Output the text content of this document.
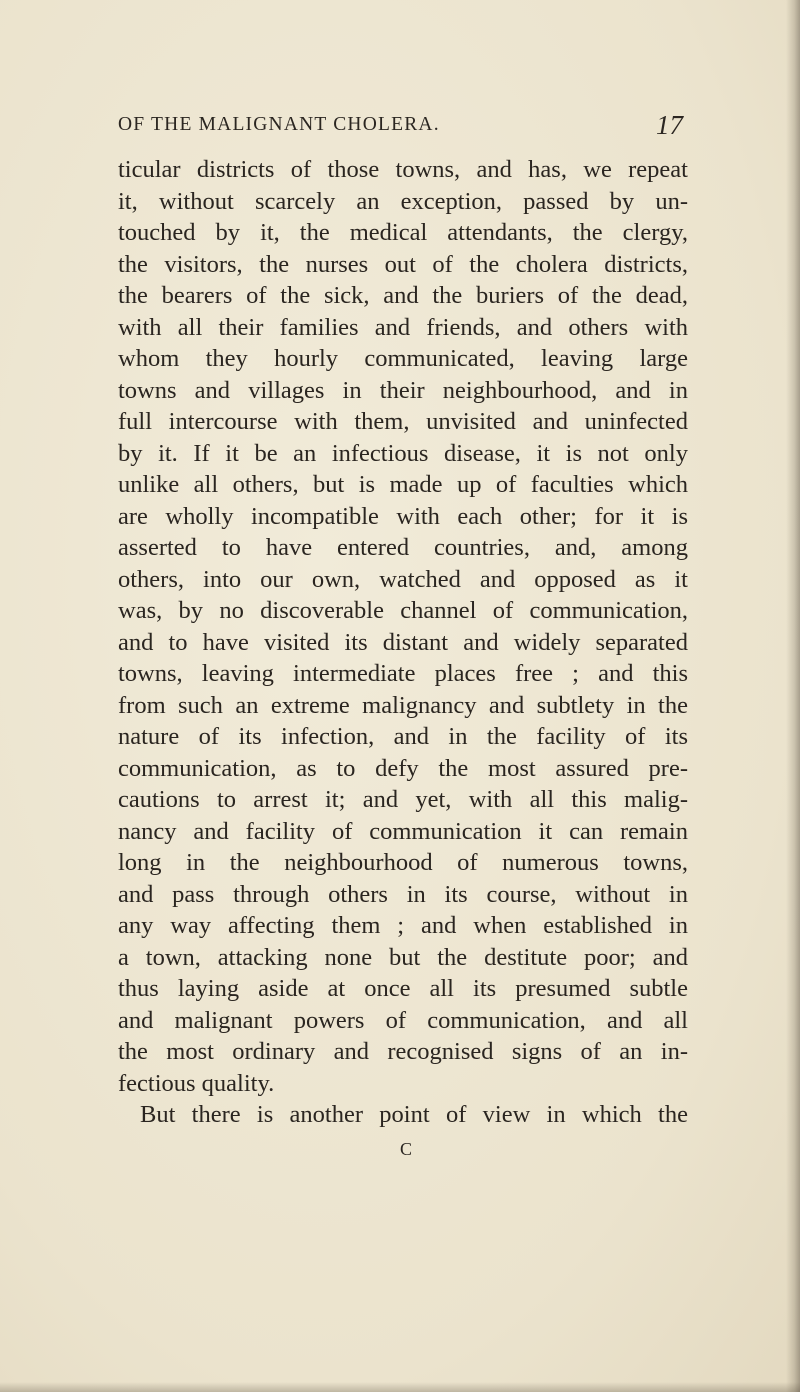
OF THE MALIGNANT CHOLERA.	17
ticular districts of those towns, and has, we repeat
it, without scarcely an exception, passed by un-
touched by it, the medical attendants, the clergy,
the visitors, the nurses out of the cholera districts,
the bearers of the sick, and the buriers of the dead,
with all their families and friends, and others with
whom they hourly communicated, leaving large
towns and villages in their neighbourhood, and in
full intercourse with them, unvisited and uninfected
by it. If it be an infectious disease, it is not only
unlike all others, but is made up of faculties which
are wholly incompatible with each other; for it is
asserted to have entered countries, and, among
others, into our own, watched and opposed as it
was, by no discoverable channel of communication,
and to have visited its distant and widely separated
towns, leaving intermediate places free ; and this
from such an extreme malignancy and subtlety in the
nature of its infection, and in the facility of its
communication, as to defy the most assured pre-
cautions to arrest it; and yet, with all this malig-
nancy and facility of communication it can remain
long in the neighbourhood of numerous towns,
and pass through others in its course, without in
any way affecting them ; and when established in
a town, attacking none but the destitute poor; and
thus laying aside at once all its presumed subtle
and malignant powers of communication, and all
the most ordinary and recognised signs of an in-
fectious quality.
But there is another point of view in which the
C
